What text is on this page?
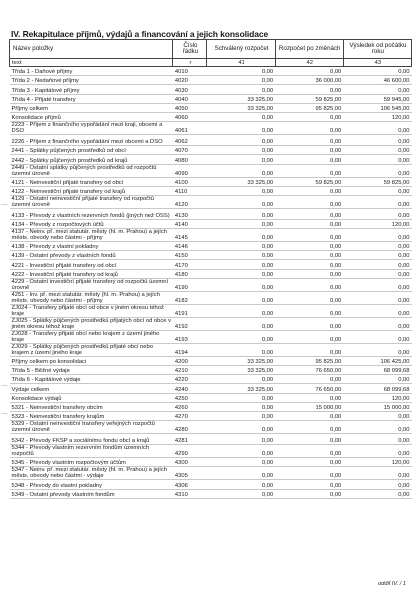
IV. Rekapitulace příjmů, výdajů a financování a jejich konsolidace
Název položky	Číslo řádku	Schválený rozpočet	Rozpočet po změnách	Výsledek od počátku roku
text	r	41	42	43
Třída 1 - Daňové příjmy	4010	0,00	0,00	0,00
Třída 2 - Nedaňové příjmy	4020	0,00	36 000,00	46 600,00
Třída 3 - Kapitálové příjmy	4030	0,00	0,00	0,00
Třída 4 - Přijaté transfery	4040	33 325,00	59 825,00	59 945,00
Příjmy celkem	4050	33 325,00	95 825,00	106 545,00
Konsolidace příjmů	4060	0,00	0,00	120,00
2223 - Příjem z finančního vypořádání mezi kraji, obcemi a DSO	4061	0,00	0,00	0,00
2226 - Příjem z finančního vypořádání mezi obcemi a DSO	4062	0,00	0,00	0,00
2441 - Splátky půjčených prostředků od obcí	4070	0,00	0,00	0,00
2442 - Splátky půjčených prostředků od krajů	4080	0,00	0,00	0,00
2449 - Ostatní splátky půjčených prostředků od rozpočtů územní úrovně	4090	0,00	0,00	0,00
4121 - Neinvestiční přijaté transfery od obcí	4100	33 325,00	59 825,00	59 825,00
4122 - Neinvestiční přijaté transfery od krajů	4110	0,00	0,00	0,00
4129 - Ostatní neinvestiční přijaté transfery od rozpočtů územní úrovně	4120	0,00	0,00	0,00
4133 - Převody z vlastních rezervních fondů (jiných než OSS)	4130	0,00	0,00	0,00
4134 - Převody z rozpočtových účtů	4140	0,00	0,00	120,00
4137 - Neinv. př. mezi statutár. městy (hl. m. Prahou) a jejích městs. obvody nebo částmi - příjmy	4145	0,00	0,00	0,00
4138 - Převody z vlastní pokladny	4146	0,00	0,00	0,00
4139 - Ostatní převody z vlastních fondů	4150	0,00	0,00	0,00
4221 - Investiční přijaté transfery od obcí	4170	0,00	0,00	0,00
4222 - Investiční přijaté transfery od krajů	4180	0,00	0,00	0,00
4229 - Ostatní investiční přijaté transfery od rozpočtů územní úrovně	4190	0,00	0,00	0,00
4251 - Inv. př. mezi statutár. městy (hl. m. Prahou) a jejích městs. obvody nebo částmi - příjmy	4182	0,00	0,00	0,00
ZJ024 - Transfery přijaté obcí od obce v jiném okresu téhož kraje	4191	0,00	0,00	0,00
ZJ025 - Splátky půjčených prostředků přijatých obcí od obce v jiném okresu téhož kraje	4192	0,00	0,00	0,00
ZJ028 - Transfery přijaté obcí nebo krajem z území jiného kraje	4193	0,00	0,00	0,00
ZJ029 - Splátky půjčených prostředků přijaté obcí nebo krajem z území jiného kraje	4194	0,00	0,00	0,00
Příjmy celkem po konsolidaci	4200	33 325,00	95 825,00	106 425,00
Třída 5 - Běžné výdaje	4210	33 325,00	76 650,00	68 099,68
Třída 6 - Kapitálové výdaje	4220	0,00	0,00	0,00
Výdaje celkem	4240	33 325,00	76 650,00	68 099,68
Konsolidace výdajů	4250	0,00	0,00	120,00
5321 - Neinvestiční transfery obcím	4260	0,00	15 000,00	15 000,00
5323 - Neinvestiční transfery krajům	4270	0,00	0,00	0,00
5329 - Ostatní neinvestiční transfery veřejných rozpočtů územní úrovně	4280	0,00	0,00	0,00
5342 - Převody FKSP a sociálnímu fondu obcí a krajů	4281	0,00	0,00	0,00
5344 - Převody vlastním rezervním fondům územních rozpočtů	4290	0,00	0,00	0,00
5345 - Převody vlastním rozpočtovým účtům	4300	0,00	0,00	120,00
5347 - Neinv. př. mezi statutár. městy (hl. m. Prahou) a jejích městs. obvody nebo částmi - výdaje	4305	0,00	0,00	0,00
5348 - Převody do vlastní pokladny	4306	0,00	0,00	0,00
5349 - Ostatní převody vlastním fondům	4310	0,00	0,00	0,00
⌒
⌒
⌒
oddíl IV. / 1
